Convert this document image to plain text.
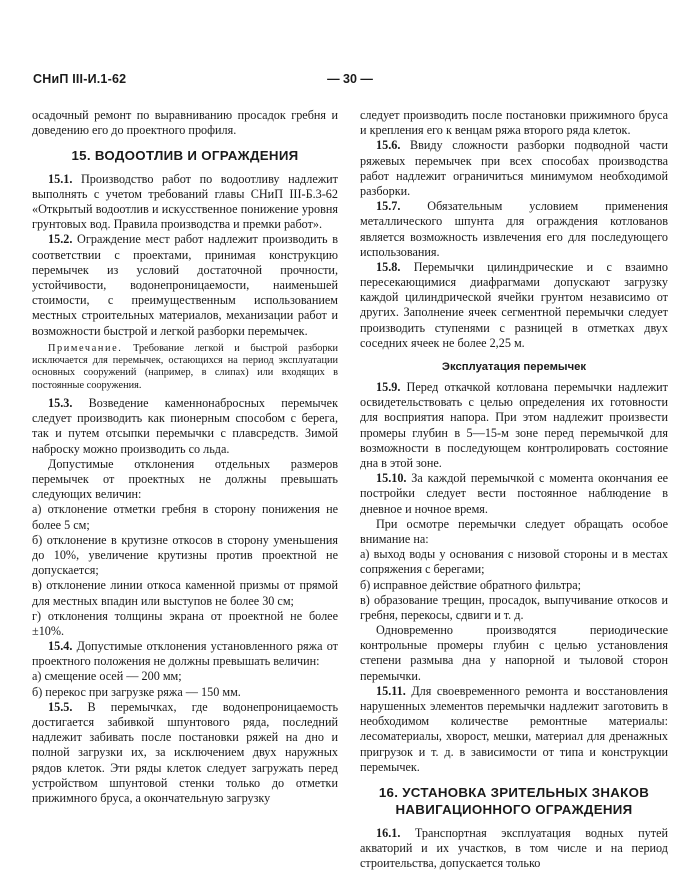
СНиП III-И.1-62	— 30 —

осадочный ремонт по выравниванию просадок гребня и доведению его до проектного профиля.

15. ВОДООТЛИВ И ОГРАЖДЕНИЯ

15.1. Производство работ по водоотливу надлежит выполнять с учетом требований главы СНиП III-Б.3-62 «Открытый водоотлив и искусственное понижение уровня грунтовых вод. Правила производства и премки работ».

15.2. Ограждение мест работ надлежит производить в соответствии с проектами, принимая конструкцию перемычек из условий достаточной прочности, устойчивости, водонепроницаемости, наименьшей стоимости, с преимущественным использованием местных строительных материалов, механизации работ и возможности быстрой и легкой разборки перемычек.

Примечание. Требование легкой и быстрой разборки исключается для перемычек, остающихся на период эксплуатации основных сооружений (например, в слипах) или входящих в постоянные сооружения.

15.3. Возведение каменнонабросных перемычек следует производить как пионерным способом с берега, так и путем отсыпки перемычки с плавсредств. Зимой наброску можно производить со льда.

Допустимые отклонения отдельных размеров перемычек от проектных не должны превышать следующих величин:

а) отклонение отметки гребня в сторону понижения не более 5 см;

б) отклонение в крутизне откосов в сторону уменьшения до 10%, увеличение крутизны против проектной не допускается;

в) отклонение линии откоса каменной призмы от прямой для местных впадин или выступов не более 30 см;

г) отклонения толщины экрана от проектной не более ±10%.

15.4. Допустимые отклонения установленного ряжа от проектного положения не должны превышать величин:

а) смещение осей — 200 мм;

б) перекос при загрузке ряжа — 150 мм.

15.5. В перемычках, где водонепроницаемость достигается забивкой шпунтового ряда, последний надлежит забивать после постановки ряжей на дно и полной загрузки их, за исключением двух наружных рядов клеток. Эти ряды клеток следует загружать перед устройством шпунтовой стенки только до отметки прижимного бруса, а окончательную загрузку

следует производить после постановки прижимного бруса и крепления его к венцам ряжа второго ряда клеток.

15.6. Ввиду сложности разборки подводной части ряжевых перемычек при всех способах производства работ надлежит ограничиться минимумом необходимой разборки.

15.7. Обязательным условием применения металлического шпунта для ограждения котлованов является возможность извлечения его для последующего использования.

15.8. Перемычки цилиндрические и с взаимно пересекающимися диафрагмами допускают загрузку каждой цилиндрической ячейки грунтом независимо от других. Заполнение ячеек сегментной перемычки следует производить ступенями с разницей в отметках двух соседних ячеек не более 2,25 м.

Эксплуатация перемычек

15.9. Перед откачкой котлована перемычки надлежит освидетельствовать с целью определения их готовности для восприятия напора. При этом надлежит произвести промеры глубин в 5—15-м зоне перед перемычкой для возможности в последующем контролировать состояние дна в этой зоне.

15.10. За каждой перемычкой с момента окончания ее постройки следует вести постоянное наблюдение в дневное и ночное время.

При осмотре перемычки следует обращать особое внимание на:

а) выход воды у основания с низовой стороны и в местах сопряжения с берегами;

б) исправное действие обратного фильтра;

в) образование трещин, просадок, выпучивание откосов и гребня, перекосы, сдвиги и т. д.

Одновременно производятся периодические контрольные промеры глубин с целью установления степени размыва дна у напорной и тыловой сторон перемычки.

15.11. Для своевременного ремонта и восстановления нарушенных элементов перемычки надлежит заготовить в необходимом количестве ремонтные материалы: лесоматериалы, хворост, мешки, материал для дренажных пригрузок и т. д. в зависимости от типа и конструкции перемычек.

16. УСТАНОВКА ЗРИТЕЛЬНЫХ ЗНАКОВ НАВИГАЦИОННОГО ОГРАЖДЕНИЯ

16.1. Транспортная эксплуатация водных путей акваторий и их участков, в том числе и на период строительства, допускается только
